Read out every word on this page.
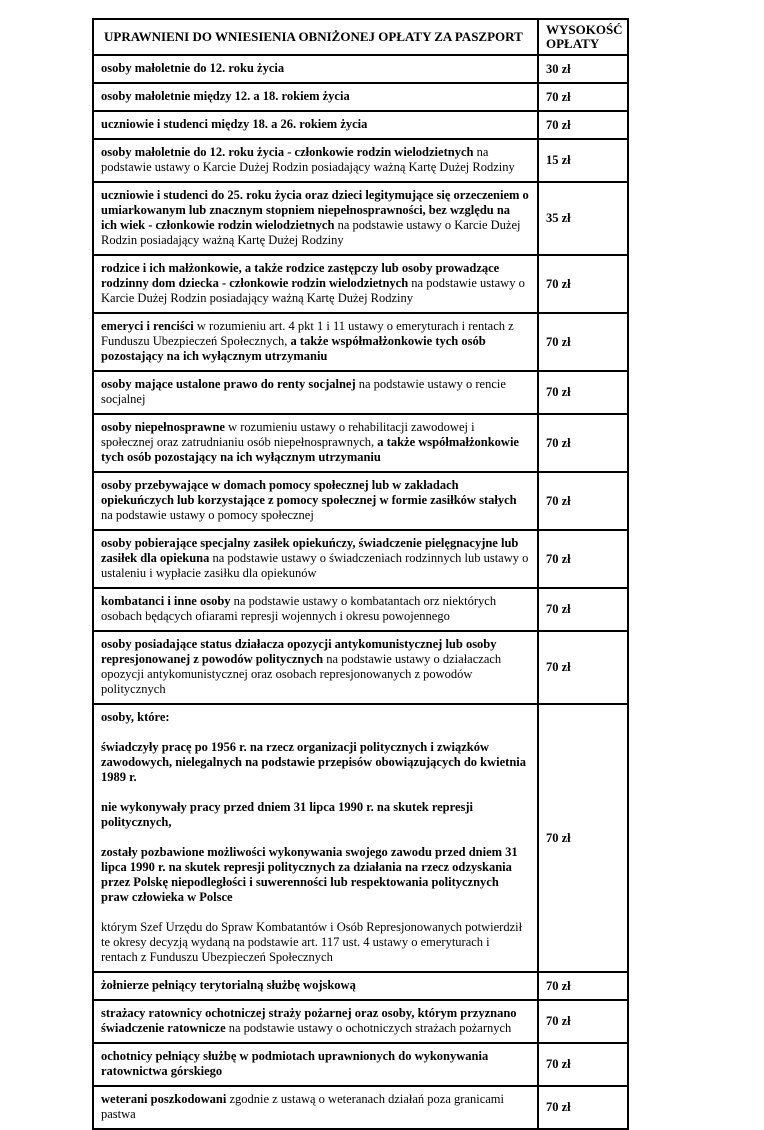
UPRAWNIENI DO WNIESIENIA OBNIŻONEJ OPŁATY ZA PASZPORT	WYSOKOŚĆ OPŁATY

osoby małoletnie do 12. roku życia	30 zł

osoby małoletnie między 12. a 18. rokiem życia	70 zł

uczniowie i studenci między 18. a 26. rokiem życia	70 zł

osoby małoletnie do 12. roku życia - członkowie rodzin wielodzietnych na podstawie ustawy o Karcie Dużej Rodzin posiadający ważną Kartę Dużej Rodziny	15 zł

uczniowie i studenci do 25. roku życia oraz dzieci legitymujące się orzeczeniem o umiarkowanym lub znacznym stopniem niepełnosprawności, bez względu na ich wiek - członkowie rodzin wielodzietnych na podstawie ustawy o Karcie Dużej Rodzin posiadający ważną Kartę Dużej Rodziny	35 zł

rodzice i ich małżonkowie, a także rodzice zastępczy lub osoby prowadzące rodzinny dom dziecka - członkowie rodzin wielodzietnych na podstawie ustawy o Karcie Dużej Rodzin posiadający ważną Kartę Dużej Rodziny	70 zł

emeryci i renciści w rozumieniu art. 4 pkt 1 i 11 ustawy o emeryturach i rentach z Funduszu Ubezpieczeń Społecznych, a także współmałżonkowie tych osób pozostający na ich wyłącznym utrzymaniu	70 zł

osoby mające ustalone prawo do renty socjalnej na podstawie ustawy o rencie socjalnej	70 zł

osoby niepełnosprawne w rozumieniu ustawy o rehabilitacji zawodowej i społecznej oraz zatrudnianiu osób niepełnosprawnych, a także współmałżonkowie tych osób pozostający na ich wyłącznym utrzymaniu	70 zł

osoby przebywające w domach pomocy społecznej lub w zakładach opiekuńczych lub korzystające z pomocy społecznej w formie zasiłków stałych na podstawie ustawy o pomocy społecznej	70 zł

osoby pobierające specjalny zasiłek opiekuńczy, świadczenie pielęgnacyjne lub zasiłek dla opiekuna na podstawie ustawy o świadczeniach rodzinnych lub ustawy o ustaleniu i wypłacie zasiłku dla opiekunów	70 zł

kombatanci i inne osoby na podstawie ustawy o kombatantach orz niektórych osobach będących ofiarami represji wojennych i okresu powojennego	70 zł

osoby posiadające status działacza opozycji antykomunistycznej lub osoby represjonowanej z powodów politycznych na podstawie ustawy o działaczach opozycji antykomunistycznej oraz osobach represjonowanych z powodów politycznych	70 zł

osoby, które:

świadczyły pracę po 1956 r. na rzecz organizacji politycznych i związków zawodowych, nielegalnych na podstawie przepisów obowiązujących do kwietnia 1989 r.

nie wykonywały pracy przed dniem 31 lipca 1990 r. na skutek represji politycznych,

zostały pozbawione możliwości wykonywania swojego zawodu przed dniem 31 lipca 1990 r. na skutek represji politycznych za działania na rzecz odzyskania przez Polskę niepodległości i suwerenności lub respektowania politycznych praw człowieka w Polsce

którym Szef Urzędu do Spraw Kombatantów i Osób Represjonowanych potwierdził te okresy decyzją wydaną na podstawie art. 117 ust. 4 ustawy o emeryturach i rentach z Funduszu Ubezpieczeń Społecznych	70 zł

żołnierze pełniący terytorialną służbę wojskową	70 zł

strażacy ratownicy ochotniczej straży pożarnej oraz osoby, którym przyznano świadczenie ratownicze na podstawie ustawy o ochotniczych strażach pożarnych	70 zł

ochotnicy pełniący służbę w podmiotach uprawnionych do wykonywania ratownictwa górskiego	70 zł

weterani poszkodowani zgodnie z ustawą o weteranach działań poza granicami pastwa	70 zł
